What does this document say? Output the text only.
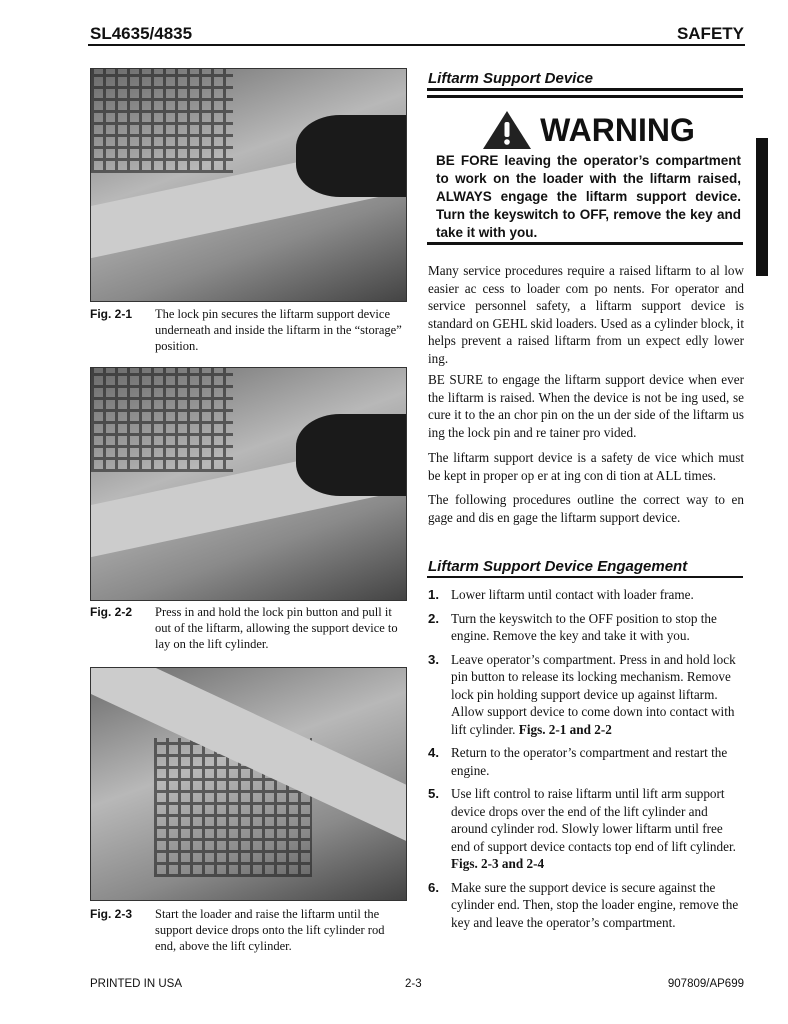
SL4635/4835	SAFETY
Fig. 2-1 The lock pin secures the liftarm support device underneath and inside the liftarm in the “storage” position.
Fig. 2-2 Press in and hold the lock pin button and pull it out of the liftarm, allowing the support device to lay on the lift cylinder.
Fig. 2-3 Start the loader and raise the liftarm until the support device drops onto the lift cylinder rod end, above the lift cylinder.
Liftarm Support Device
WARNING
BE FORE leaving the operator’s compartment to work on the loader with the liftarm raised, ALWAYS engage the liftarm support device. Turn the keyswitch to OFF, remove the key and take it with you.
Many service procedures require a raised liftarm to al low easier ac cess to loader com po nents. For operator and service personnel safety, a liftarm support device is standard on GEHL skid loaders. Used as a cylinder block, it helps prevent a raised liftarm from un expect edly lower ing.
BE SURE to engage the liftarm support device when ever the liftarm is raised. When the device is not be ing used, se cure it to the an chor pin on the un der side of the liftarm us ing the lock pin and re tainer pro vided.
The liftarm support device is a safety de vice which must be kept in proper op er at ing con di tion at ALL times.
The following procedures outline the correct way to en gage and dis en gage the liftarm support device.
Liftarm Support Device Engagement
1. Lower liftarm until contact with loader frame.
2. Turn the keyswitch to the OFF position to stop the engine. Remove the key and take it with you.
3. Leave operator’s compartment. Press in and hold lock pin button to release its locking mechanism. Remove lock pin holding support device up against liftarm. Allow support device to come down into contact with lift cylinder. Figs. 2-1 and 2-2
4. Return to the operator’s compartment and restart the engine.
5. Use lift control to raise liftarm until lift arm support device drops over the end of the lift cylinder and around cylinder rod. Slowly lower liftarm until free end of support device contacts top end of lift cylinder. Figs. 2-3 and 2-4
6. Make sure the support device is secure against the cylinder end. Then, stop the loader engine, remove the key and leave the operator’s compartment.
PRINTED IN USA	2-3	907809/AP699
